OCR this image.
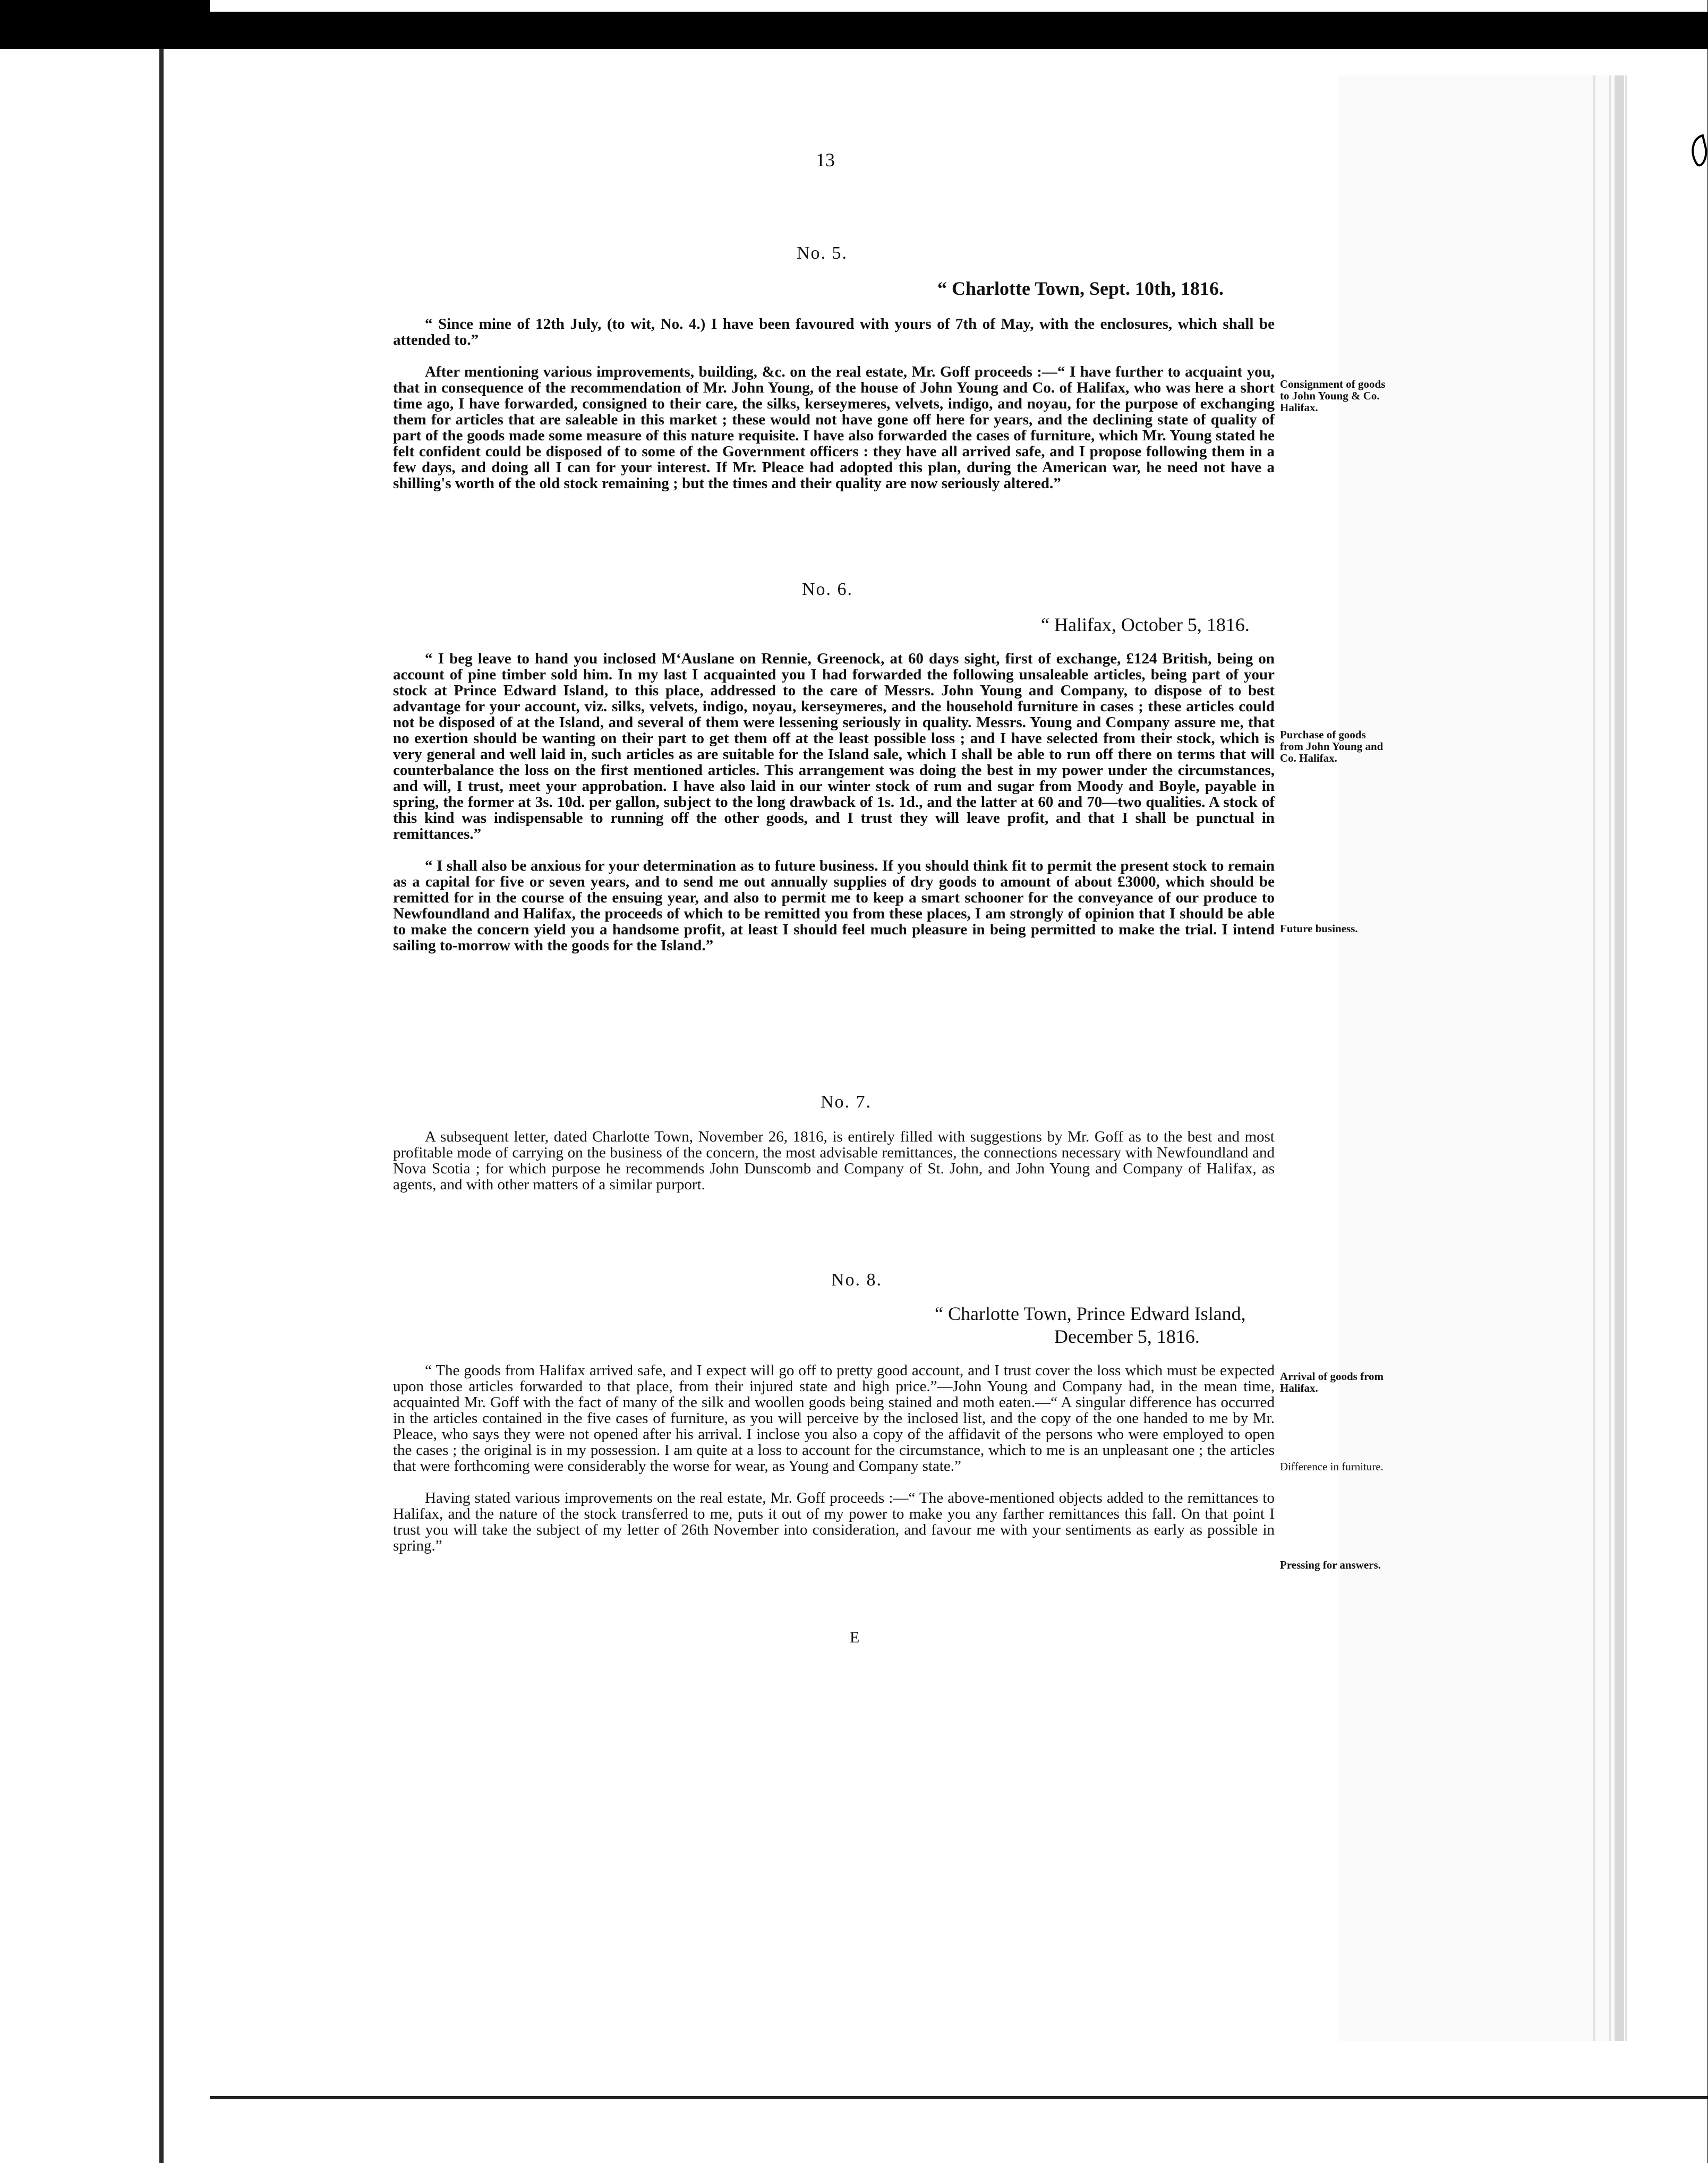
13
No. 5.
“ Charlotte Town, Sept. 10th, 1816.

“ Since mine of 12th July, (to wit, No. 4.) I have been favoured with yours of 7th of May, with the enclosures, which shall be attended to.”

After mentioning various improvements, building, &c. on the real estate, Mr. Goff proceeds :—“ I have further to acquaint you, that in consequence of the recommendation of Mr. John Young, of the house of John Young and Co. of Halifax, who was here a short time ago, I have forwarded, consigned to their care, the silks, kerseymeres, velvets, indigo, and noyau, for the purpose of exchanging them for articles that are saleable in this market ; these would not have gone off here for years, and the declining state of quality of part of the goods made some measure of this nature requisite. I have also forwarded the cases of furniture, which Mr. Young stated he felt confident could be disposed of to some of the Government officers : they have all arrived safe, and I propose following them in a few days, and doing all I can for your interest. If Mr. Pleace had adopted this plan, during the American war, he need not have a shilling's worth of the old stock remaining ; but the times and their quality are now seriously altered.”

Consignment of goods to John Young & Co. Halifax.
No. 6.
“ Halifax, October 5, 1816.

“ I beg leave to hand you inclosed M‘Auslane on Rennie, Greenock, at 60 days sight, first of exchange, £124 British, being on account of pine timber sold him. In my last I acquainted you I had forwarded the following unsaleable articles, being part of your stock at Prince Edward Island, to this place, addressed to the care of Messrs. John Young and Company, to dispose of to best advantage for your account, viz. silks, velvets, indigo, noyau, kerseymeres, and the household furniture in cases ; these articles could not be disposed of at the Island, and several of them were lessening seriously in quality. Messrs. Young and Company assure me, that no exertion should be wanting on their part to get them off at the least possible loss ; and I have selected from their stock, which is very general and well laid in, such articles as are suitable for the Island sale, which I shall be able to run off there on terms that will counterbalance the loss on the first mentioned articles. This arrangement was doing the best in my power under the circumstances, and will, I trust, meet your approbation. I have also laid in our winter stock of rum and sugar from Moody and Boyle, payable in spring, the former at 3s. 10d. per gallon, subject to the long drawback of 1s. 1d., and the latter at 60 and 70—two qualities. A stock of this kind was indispensable to running off the other goods, and I trust they will leave profit, and that I shall be punctual in remittances.”

“ I shall also be anxious for your determination as to future business. If you should think fit to permit the present stock to remain as a capital for five or seven years, and to send me out annually supplies of dry goods to amount of about £3000, which should be remitted for in the course of the ensuing year, and also to permit me to keep a smart schooner for the conveyance of our produce to Newfoundland and Halifax, the proceeds of which to be remitted you from these places, I am strongly of opinion that I should be able to make the concern yield you a handsome profit, at least I should feel much pleasure in being permitted to make the trial. I intend sailing to-morrow with the goods for the Island.”

Purchase of goods from John Young and Co. Halifax.
Future business.
No. 7.

A subsequent letter, dated Charlotte Town, November 26, 1816, is entirely filled with suggestions by Mr. Goff as to the best and most profitable mode of carrying on the business of the concern, the most advisable remittances, the connections necessary with Newfoundland and Nova Scotia ; for which purpose he recommends John Dunscomb and Company of St. John, and John Young and Company of Halifax, as agents, and with other matters of a similar purport.

No. 8.
“ Charlotte Town, Prince Edward Island,
December 5, 1816.

“ The goods from Halifax arrived safe, and I expect will go off to pretty good account, and I trust cover the loss which must be expected upon those articles forwarded to that place, from their injured state and high price.”—John Young and Company had, in the mean time, acquainted Mr. Goff with the fact of many of the silk and woollen goods being stained and moth eaten.—“ A singular difference has occurred in the articles contained in the five cases of furniture, as you will perceive by the inclosed list, and the copy of the one handed to me by Mr. Pleace, who says they were not opened after his arrival. I inclose you also a copy of the affidavit of the persons who were employed to open the cases ; the original is in my possession. I am quite at a loss to account for the circumstance, which to me is an unpleasant one ; the articles that were forthcoming were considerably the worse for wear, as Young and Company state.”

Having stated various improvements on the real estate, Mr. Goff proceeds :—“ The above-mentioned objects added to the remittances to Halifax, and the nature of the stock transferred to me, puts it out of my power to make you any farther remittances this fall. On that point I trust you will take the subject of my letter of 26th November into consideration, and favour me with your sentiments as early as possible in spring.”

Arrival of goods from Halifax.
Difference in furniture.
Pressing for answers.
E
